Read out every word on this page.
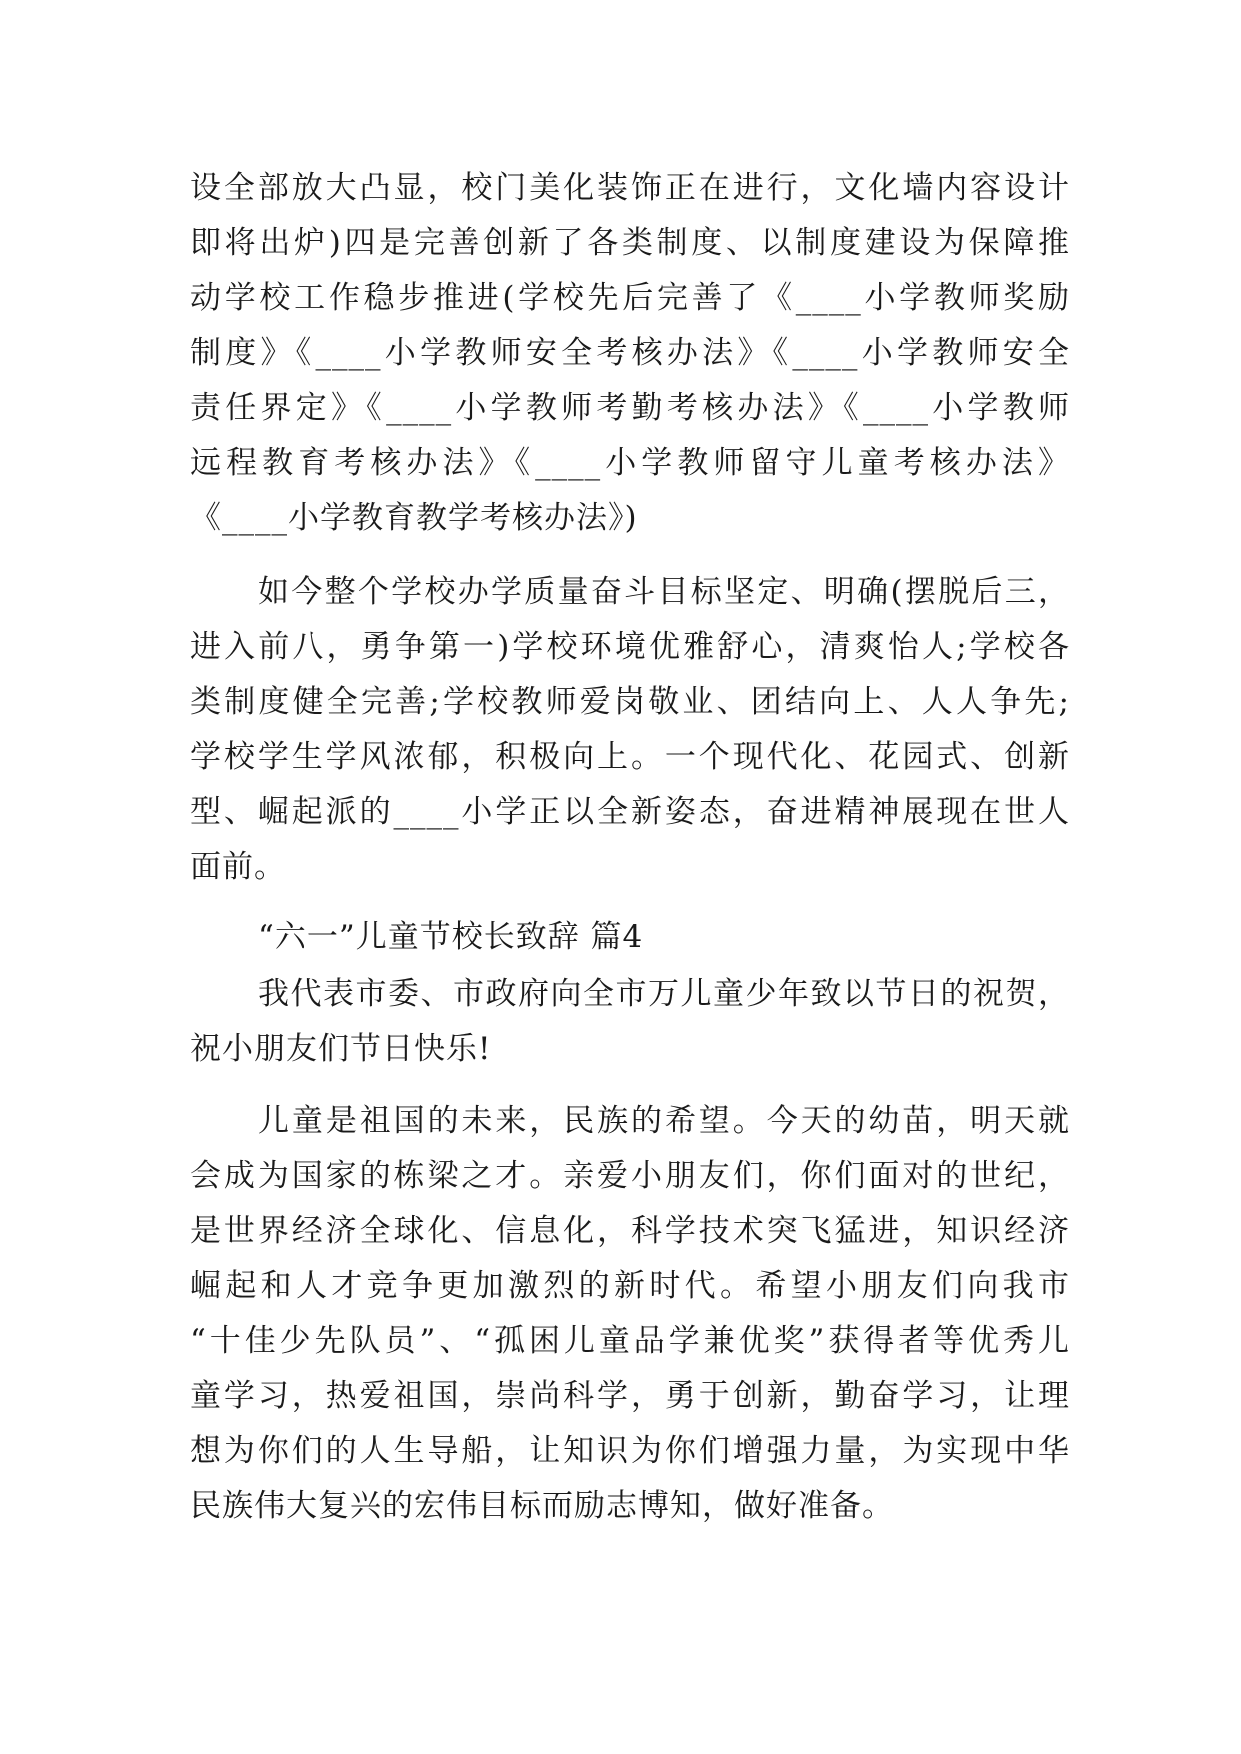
设全部放大凸显，校门美化装饰正在进行，文化墙内容设计

即将出炉)四是完善创新了各类制度、以制度建设为保障推

动学校工作稳步推进(学校先后完善了《____小学教师奖励

制度》《____小学教师安全考核办法》《____小学教师安全

责任界定》《____小学教师考勤考核办法》《____小学教师

远程教育考核办法》《____小学教师留守儿童考核办法》

《____小学教育教学考核办法》)

如今整个学校办学质量奋斗目标坚定、明确(摆脱后三，

进入前八，勇争第一)学校环境优雅舒心，清爽怡人;学校各

类制度健全完善;学校教师爱岗敬业、团结向上、人人争先;

学校学生学风浓郁，积极向上。一个现代化、花园式、创新

型、崛起派的____小学正以全新姿态，奋进精神展现在世人

面前。

“六一”儿童节校长致辞 篇4

我代表市委、市政府向全市万儿童少年致以节日的祝贺，

祝小朋友们节日快乐!

儿童是祖国的未来，民族的希望。今天的幼苗，明天就

会成为国家的栋梁之才。亲爱小朋友们，你们面对的世纪，

是世界经济全球化、信息化，科学技术突飞猛进，知识经济

崛起和人才竞争更加激烈的新时代。希望小朋友们向我市

“十佳少先队员”、“孤困儿童品学兼优奖”获得者等优秀儿

童学习，热爱祖国，崇尚科学，勇于创新，勤奋学习，让理

想为你们的人生导船，让知识为你们增强力量，为实现中华

民族伟大复兴的宏伟目标而励志博知，做好准备。
